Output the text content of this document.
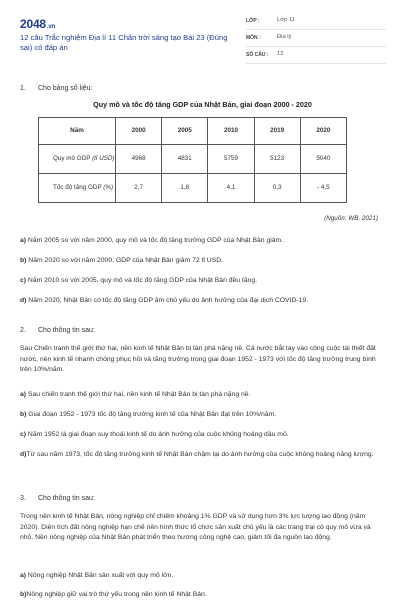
2048.vn
12 câu Trắc nghiệm Địa lí 11 Chân trời sáng tạo Bài 23 (Đúng sai) có đáp án
LỚP :	Lớp 11
MÔN :	Địa lý
SỐ CÂU :	12
1.	Cho bảng số liệu:
Quy mô và tốc độ tăng GDP của Nhật Bản, giai đoạn 2000 - 2020
Năm	2000	2005	2010	2019	2020
Quy mô GDP (tỉ USD)	4968	4831	5759	5123	5040
Tốc độ tăng GDP (%)	2,7	1,8	4,1	0,3	- 4,5
(Nguồn: WB, 2021)
a) Năm 2005 so với năm 2000, quy mô và tốc độ tăng trưởng GDP của Nhật Bản giảm.
b) Năm 2020 so với năm 2000, GDP của Nhật Bản giảm 72 tỉ USD.
c) Năm 2010 so với 2005, quy mô và tốc độ tăng GDP của Nhật Bản đều tăng.
d) Năm 2020, Nhật Bản có tốc độ tăng GDP âm chủ yếu do ảnh hưởng của đại dịch COVID-19.
2.	Cho thông tin sau:
Sau Chiến tranh thế giới thứ hai, nền kinh tế Nhật Bản bị tàn phá nặng nề. Cả nước bắt tay vào công cuộc tái thiết đất nước, nền kinh tế nhanh chóng phục hồi và tăng trưởng trong giai đoạn 1952 - 1973 với tốc độ tăng trưởng trung bình trên 10%/năm.
a) Sau chiến tranh thế giới thứ hai, nền kinh tế Nhật Bản bị tàn phá nặng nề.
b) Giai đoạn 1952 - 1973 tốc độ tăng trưởng kinh tế của Nhật Bản đạt trên 10%/năm.
c) Năm 1952 là giai đoạn suy thoái kinh tế do ảnh hưởng của cuộc khủng hoảng dầu mỏ.
d)Từ sau năm 1973, tốc độ tăng trưởng kinh tế Nhật Bản chậm lại do ảnh hưởng của cuộc khủng hoảng năng lượng.
3.	Cho thông tin sau:
Trong nền kinh tế Nhật Bản, nông nghiệp chỉ chiếm khoảng 1% GDP và sử dụng hơn 3% lực lượng lao động (năm 2020). Diện tích đất nông nghiệp hạn chế nên hình thức tổ chức sản xuất chủ yếu là các trang trại có quy mô vừa và nhỏ. Nền nông nghiệp của Nhật Bản phát triển theo hướng công nghệ cao, giảm tối đa nguồn lao động.
a) Nông nghiệp Nhật Bản sản xuất với quy mô lớn.
b)Nông nghiệp giữ vai trò thứ yếu trong nền kinh tế Nhật Bản.
